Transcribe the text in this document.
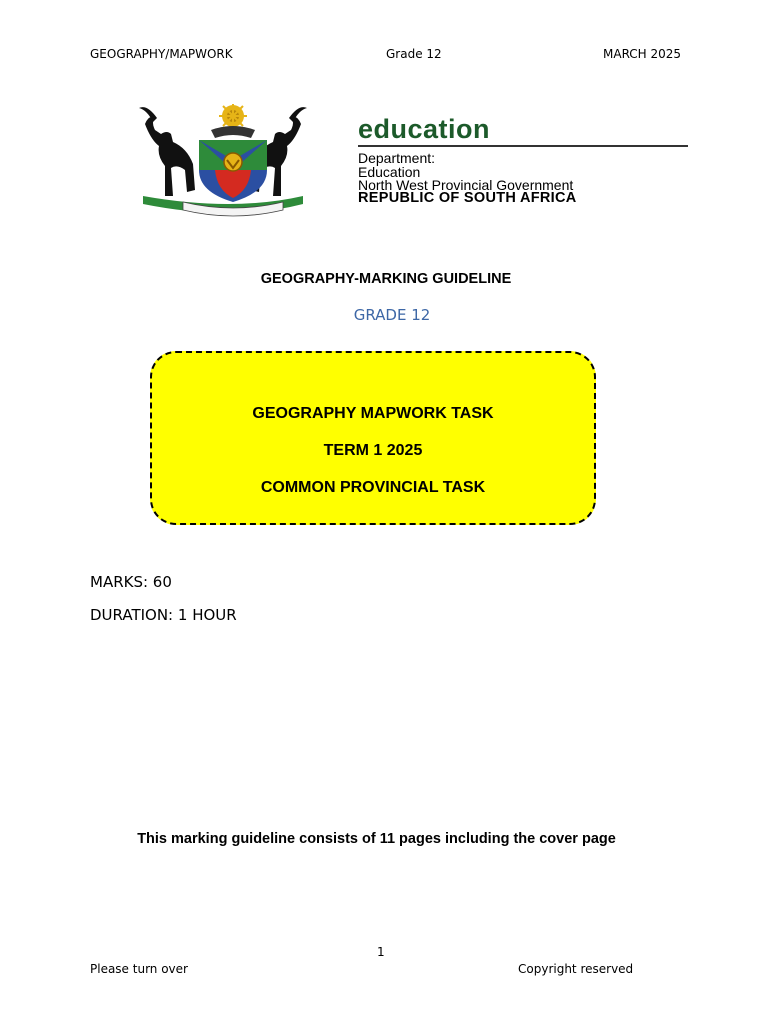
GEOGRAPHY/MAPWORK	Grade 12	MARCH 2025
education
Department:
Education
North West Provincial Government
REPUBLIC OF SOUTH AFRICA
GEOGRAPHY-MARKING GUIDELINE
GRADE 12
GEOGRAPHY MAPWORK TASK
TERM 1 2025
COMMON PROVINCIAL TASK
MARKS: 60
DURATION: 1 HOUR
This marking guideline consists of 11 pages including the cover page
1
Please turn over	Copyright reserved
